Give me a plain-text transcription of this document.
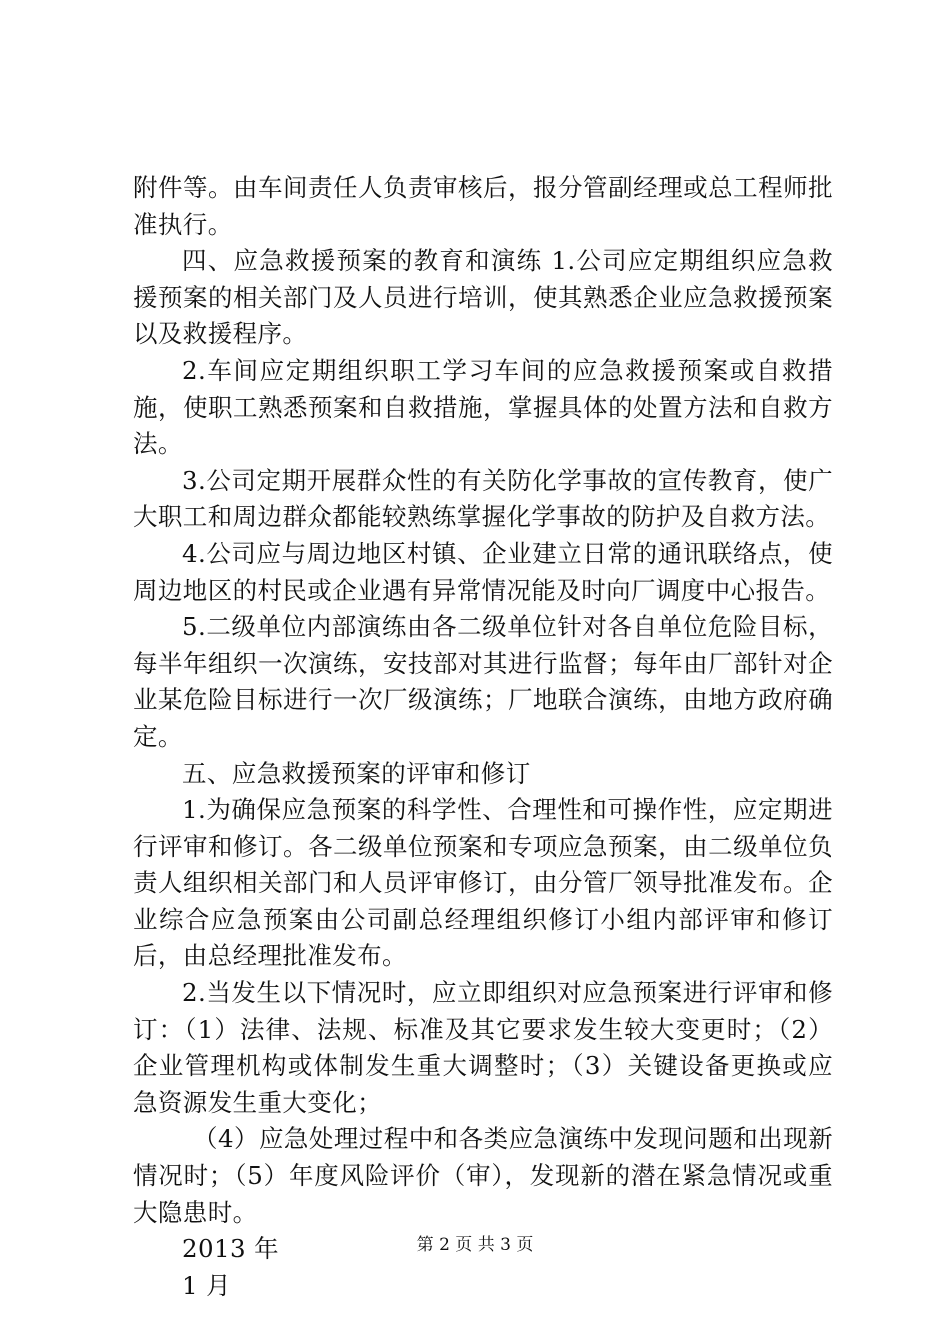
附件等。由车间责任人负责审核后，报分管副经理或总工程师批准执行。

四、应急救援预案的教育和演练 1.公司应定期组织应急救援预案的相关部门及人员进行培训，使其熟悉企业应急救援预案以及救援程序。

2.车间应定期组织职工学习车间的应急救援预案或自救措施，使职工熟悉预案和自救措施，掌握具体的处置方法和自救方法。

3.公司定期开展群众性的有关防化学事故的宣传教育，使广大职工和周边群众都能较熟练掌握化学事故的防护及自救方法。

4.公司应与周边地区村镇、企业建立日常的通讯联络点，使周边地区的村民或企业遇有异常情况能及时向厂调度中心报告。

5.二级单位内部演练由各二级单位针对各自单位危险目标，每半年组织一次演练，安技部对其进行监督；每年由厂部针对企业某危险目标进行一次厂级演练；厂地联合演练，由地方政府确定。

五、应急救援预案的评审和修订

1.为确保应急预案的科学性、合理性和可操作性，应定期进行评审和修订。各二级单位预案和专项应急预案，由二级单位负责人组织相关部门和人员评审修订，由分管厂领导批准发布。企业综合应急预案由公司副总经理组织修订小组内部评审和修订后，由总经理批准发布。

2.当发生以下情况时，应立即组织对应急预案进行评审和修订：（1）法律、法规、标准及其它要求发生较大变更时；（2）企业管理机构或体制发生重大调整时；（3）关键设备更换或应急资源发生重大变化；

（4）应急处理过程中和各类应急演练中发现问题和出现新情况时；（5）年度风险评价（审），发现新的潜在紧急情况或重大隐患时。

2013 年

1 月

第 2 页 共 3 页
